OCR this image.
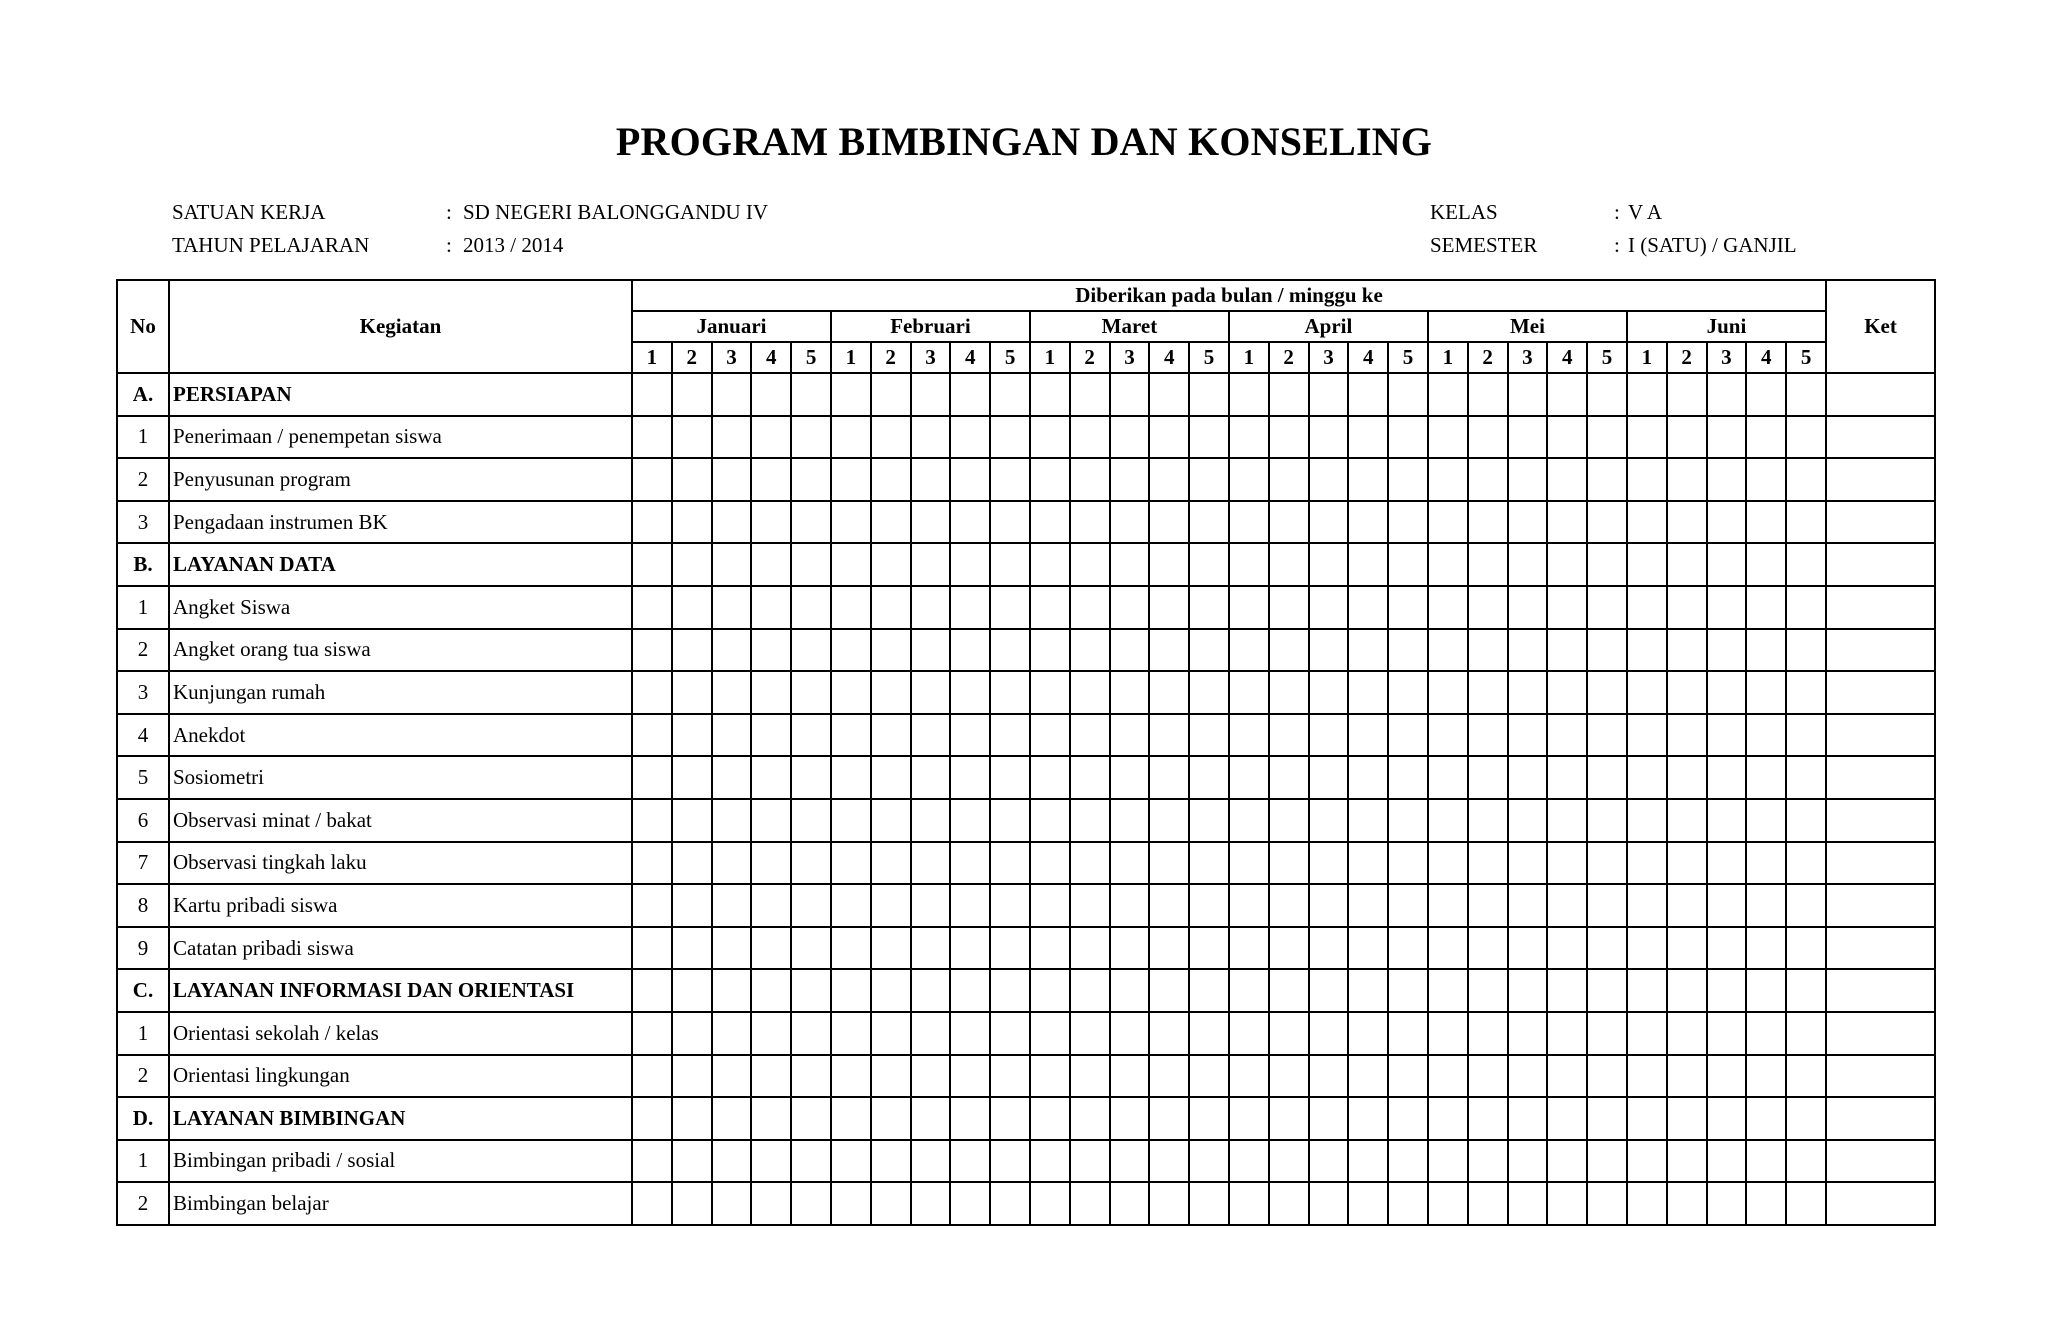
PROGRAM BIMBINGAN DAN KONSELING
SATUAN KERJA	: SD NEGERI BALONGGANDU IV
TAHUN PELAJARAN	: 2013 / 2014
KELAS	: V A
SEMESTER	: I (SATU) / GANJIL
No	Kegiatan	Diberikan pada bulan / minggu ke																														Ket
		Januari					Februari					Maret					April					Mei					Juni					
		1	2	3	4	5	1	2	3	4	5	1	2	3	4	5	1	2	3	4	5	1	2	3	4	5	1	2	3	4	5	
A.	PERSIAPAN																															
1	Penerimaan / penempetan siswa																															
2	Penyusunan program																															
3	Pengadaan instrumen BK																															
B.	LAYANAN DATA																															
1	Angket Siswa																															
2	Angket orang tua siswa																															
3	Kunjungan rumah																															
4	Anekdot																															
5	Sosiometri																															
6	Observasi minat / bakat																															
7	Observasi tingkah laku																															
8	Kartu pribadi siswa																															
9	Catatan pribadi siswa																															
C.	LAYANAN INFORMASI DAN ORIENTASI																															
1	Orientasi sekolah / kelas																															
2	Orientasi lingkungan																															
D.	LAYANAN BIMBINGAN																															
1	Bimbingan pribadi / sosial																															
2	Bimbingan belajar																															
